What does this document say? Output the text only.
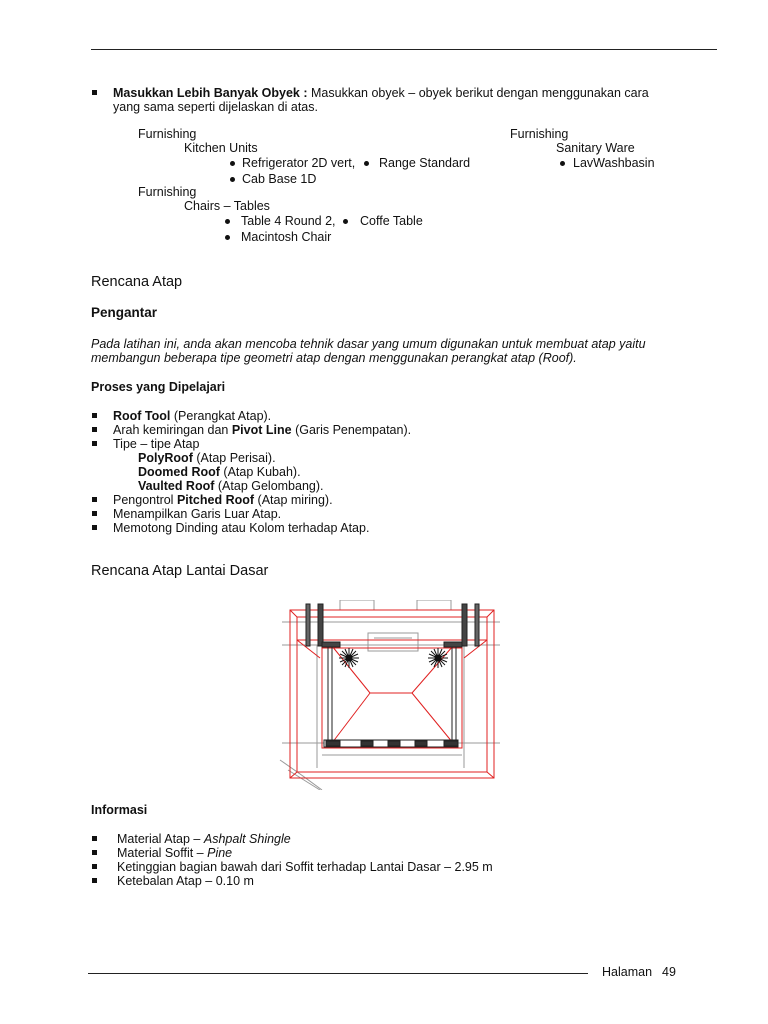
Masukkan Lebih Banyak Obyek : Masukkan obyek – obyek berikut dengan menggunakan cara
yang sama seperti dijelaskan di atas.
Furnishing	Furnishing
Kitchen Units	Sanitary Ware
Refrigerator 2D vert, Range Standard	LavWashbasin
Cab Base 1D
Furnishing
Chairs – Tables
Table 4 Round 2, Coffe Table
Macintosh Chair
Rencana Atap
Pengantar
Pada latihan ini, anda akan mencoba tehnik dasar yang umum digunakan untuk membuat atap yaitu
membangun beberapa tipe geometri atap dengan menggunakan perangkat atap (Roof).
Proses yang Dipelajari
Roof Tool (Perangkat Atap).
Arah kemiringan dan Pivot Line (Garis Penempatan).
Tipe – tipe Atap
PolyRoof (Atap Perisai).
Doomed Roof (Atap Kubah).
Vaulted Roof (Atap Gelombang).
Pengontrol Pitched Roof (Atap miring).
Menampilkan Garis Luar Atap.
Memotong Dinding atau Kolom terhadap Atap.
Rencana Atap Lantai Dasar
Informasi
Material Atap – Ashpalt Shingle
Material Soffit – Pine
Ketinggian bagian bawah dari Soffit terhadap Lantai Dasar – 2.95 m
Ketebalan Atap – 0.10 m
Halaman 49
